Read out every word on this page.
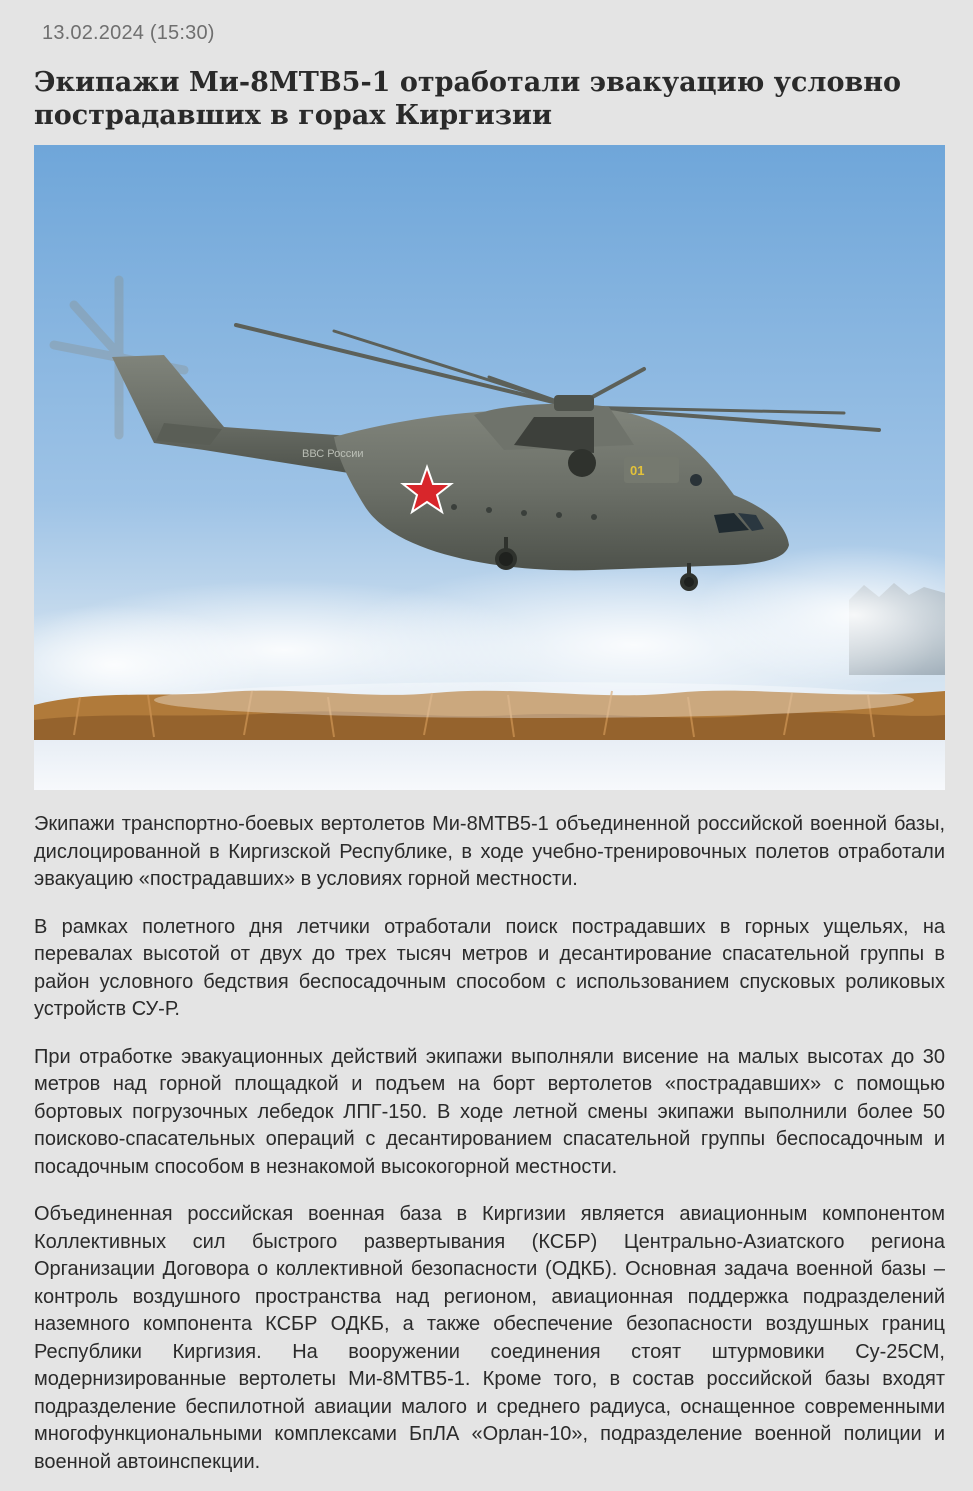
13.02.2024 (15:30)
Экипажи Ми-8МТВ5-1 отработали эвакуацию условно пострадавших в горах Киргизии
ВВС России
01

Экипажи транспортно-боевых вертолетов Ми-8МТВ5-1 объединенной российской военной базы, дислоцированной в Киргизской Республике, в ходе учебно-тренировочных полетов отработали эвакуацию «пострадавших» в условиях горной местности.

В рамках полетного дня летчики отработали поиск пострадавших в горных ущельях, на перевалах высотой от двух до трех тысяч метров и десантирование спасательной группы в район условного бедствия беспосадочным способом с использованием спусковых роликовых устройств СУ-Р.

При отработке эвакуационных действий экипажи выполняли висение на малых высотах до 30 метров над горной площадкой и подъем на борт вертолетов «пострадавших» с помощью бортовых погрузочных лебедок ЛПГ-150. В ходе летной смены экипажи выполнили более 50 поисково-спасательных операций с десантированием спасательной группы беспосадочным и посадочным способом в незнакомой высокогорной местности.

Объединенная российская военная база в Киргизии является авиационным компонентом Коллективных сил быстрого развертывания (КСБР) Центрально-Азиатского региона Организации Договора о коллективной безопасности (ОДКБ). Основная задача военной базы – контроль воздушного пространства над регионом, авиационная поддержка подразделений наземного компонента КСБР ОДКБ, а также обеспечение безопасности воздушных границ Республики Киргизия. На вооружении соединения стоят штурмовики Су-25СМ, модернизированные вертолеты Ми-8МТВ5-1. Кроме того, в состав российской базы входят подразделение беспилотной авиации малого и среднего радиуса, оснащенное современными многофункциональными комплексами БпЛА «Орлан-10», подразделение военной полиции и военной автоинспекции.
